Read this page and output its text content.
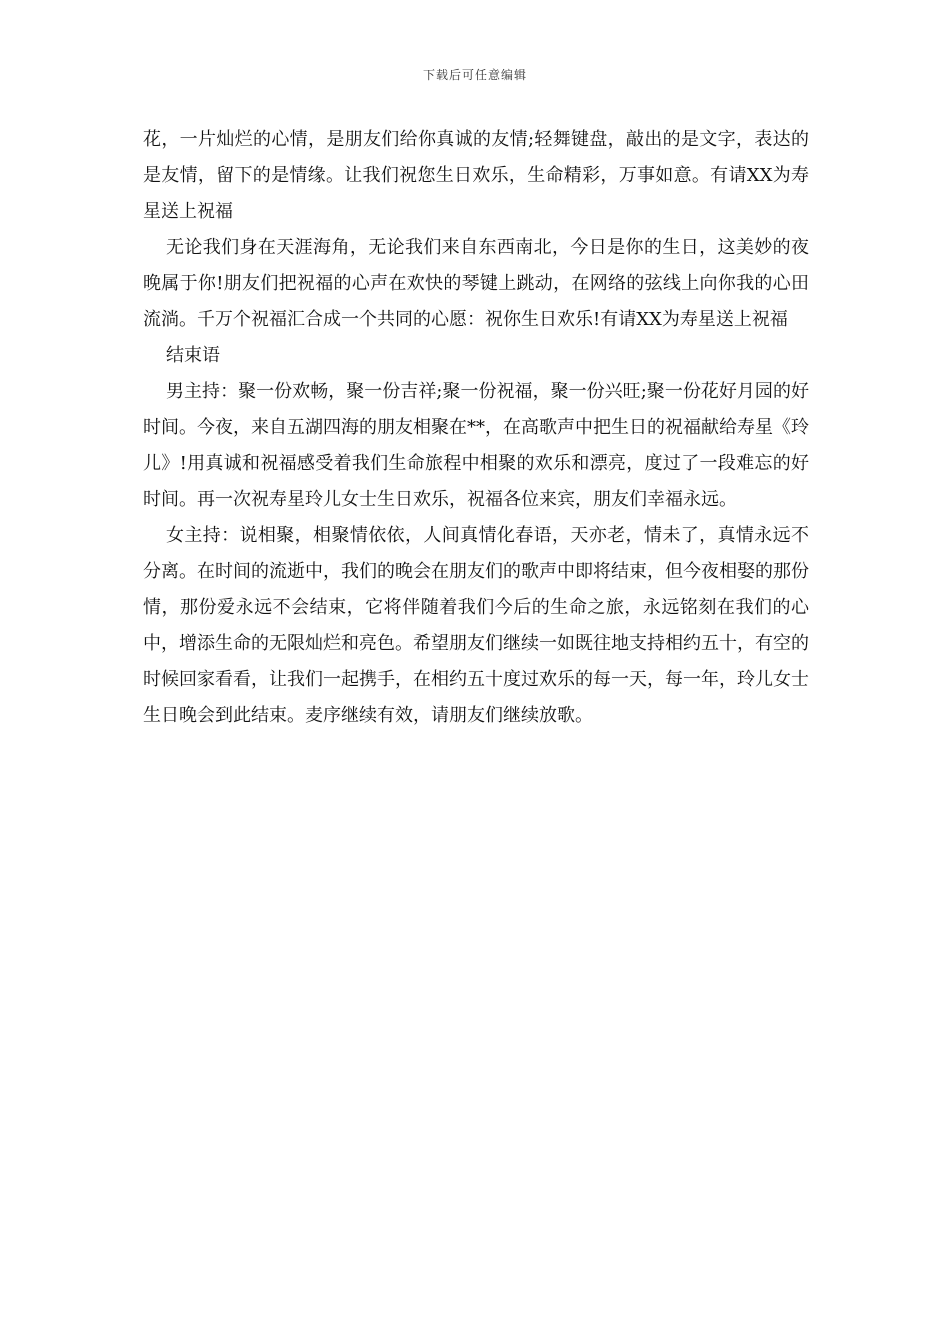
下载后可任意编辑

花，一片灿烂的心情，是朋友们给你真诚的友情;轻舞键盘，敲出的是文字，表达的是友情，留下的是情缘。让我们祝您生日欢乐，生命精彩，万事如意。有请XX为寿星送上祝福

无论我们身在天涯海角，无论我们来自东西南北，今日是你的生日，这美妙的夜晚属于你!朋友们把祝福的心声在欢快的琴键上跳动，在网络的弦线上向你我的心田流淌。千万个祝福汇合成一个共同的心愿：祝你生日欢乐!有请XX为寿星送上祝福

结束语

男主持：聚一份欢畅，聚一份吉祥;聚一份祝福，聚一份兴旺;聚一份花好月园的好时间。今夜，来自五湖四海的朋友相聚在**，在高歌声中把生日的祝福献给寿星《玲儿》!用真诚和祝福感受着我们生命旅程中相聚的欢乐和漂亮，度过了一段难忘的好时间。再一次祝寿星玲儿女士生日欢乐，祝福各位来宾，朋友们幸福永远。

女主持：说相聚，相聚情依依，人间真情化春语，天亦老，情未了，真情永远不分离。在时间的流逝中，我们的晚会在朋友们的歌声中即将结束，但今夜相娶的那份情，那份爱永远不会结束，它将伴随着我们今后的生命之旅，永远铭刻在我们的心中，增添生命的无限灿烂和亮色。希望朋友们继续一如既往地支持相约五十，有空的时候回家看看，让我们一起携手，在相约五十度过欢乐的每一天，每一年，玲儿女士生日晚会到此结束。麦序继续有效，请朋友们继续放歌。
